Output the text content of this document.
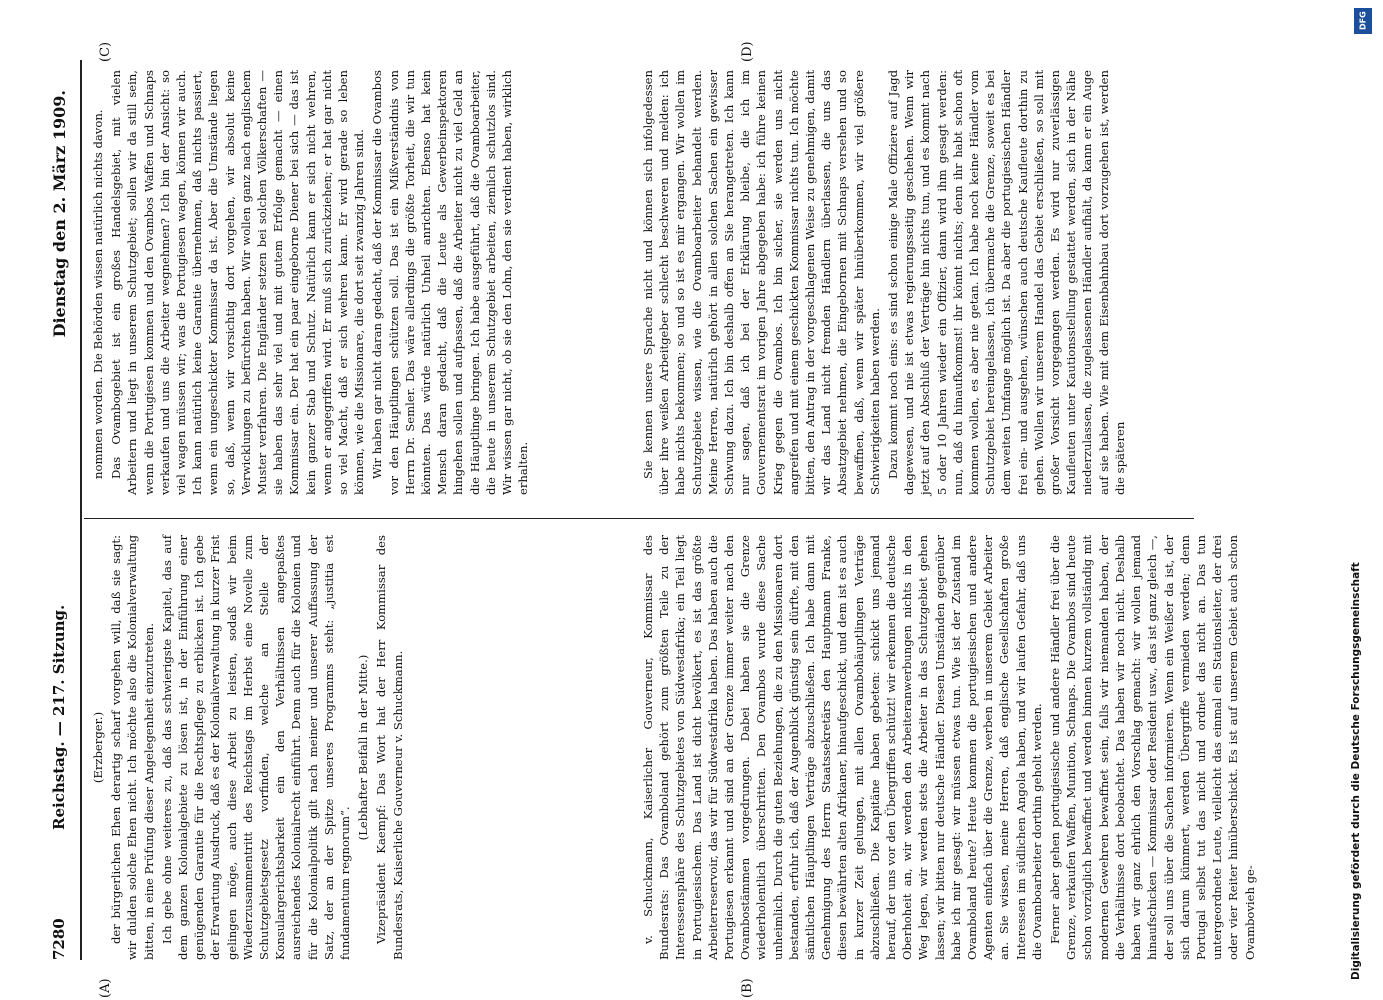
7280
Reichstag. — 217. Sitzung.
Dienstag den 2. März 1909.

(Erzberger.) der bürgerlichen Ehen derartig scharf vorgehen will, daß sie sagt: wir dulden solche Ehen nicht. Ich möchte also die Kolonialverwaltung bitten, in eine Prüfung dieser Angelegenheit einzutreten. Ich gebe ohne weiteres zu, daß das schwierigste Kapitel, das auf dem ganzen Kolonialgebiete zu lösen ist, in der Einführung einer genügenden Garantie für die Rechtspflege zu erblicken ist. Ich gebe der Erwartung Ausdruck, daß es der Kolonialverwaltung in kurzer Frist gelingen möge, auch diese Arbeit zu leisten, sodaß wir beim Wiederzusammentritt des Reichstags im Herbst eine Novelle zum Schutzgebietsgesetz vorfinden, welche an Stelle der Konsulargerichtsbarkeit ein den Verhältnissen angepaßtes ausreichendes Kolonialrecht einführt. Denn auch für die Kolonien und für die Kolonialpolitik gilt nach meiner und unserer Auffassung der Satz, der an der Spitze unseres Programms steht: „justitia est fundamentum regnorum“.

(Lebhafter Beifall in der Mitte.) Vizepräsident Kaempf: Das Wort hat der Herr Kommissar des Bundesrats, Kaiserliche Gouverneur v. Schuckmann.	v. Schuckmann, Kaiserlicher Gouverneur, Kommissar des Bundesrats: Das Ovamboland gehört zum größten Teile zu der Interessensphäre des Schutzgebietes von Südwestafrika; ein Teil liegt in Portugiesischem. Das Land ist dicht bevölkert, es ist das größte Arbeiterreservoir, das wir für Südwestafrika haben. Das haben auch die Portugiesen erkannt und sind an der Grenze immer weiter nach den Ovambostämmen vorgedrungen. Dabei haben sie die Grenze wiederholentlich überschritten. Den Ovambos wurde diese Sache unheimlich. Durch die guten Beziehungen, die zu den Missionaren dort bestanden, erfuhr ich, daß der Augenblick günstig sein dürfte, mit den sämtlichen Häuptlingen Verträge abzuschließen. Ich habe dann mit Genehmigung des Herrn Staatssekretärs den Hauptmann Franke, diesen bewährten alten Afrikaner, hinaufgeschickt, und dem ist es auch in kurzer Zeit gelungen, mit allen Ovambohäuptlingen Verträge abzuschließen. Die Kapitäne haben gebeten: schickt uns jemand herauf, der uns vor den Übergriffen schützt! wir erkennen die deutsche Oberhoheit an, wir werden den Arbeiteranwerbungen nichts in den Weg legen, wir werden stets die Arbeiter in das Schutzgebiet gehen lassen; wir bitten nur deutsche Händler. Diesen Umständen gegenüber habe ich mir gesagt: wir müssen etwas tun. Wie ist der Zustand im Ovamboland heute? Heute kommen die portugiesischen und andere Agenten einfach über die Grenze, werben in unserem Gebiet Arbeiter an. Sie wissen, meine Herren, daß englische Gesellschaften große Interessen im südlichen Angola haben, und wir laufen Gefahr, daß uns die Ovamboarbeiter dorthin geholt werden. Ferner aber gehen portugiesische und andere Händler frei über die Grenze, verkaufen Waffen, Munition, Schnaps. Die Ovambos sind heute schon vorzüglich bewaffnet und werden binnen kurzem vollständig mit modernen Gewehren bewaffnet sein, falls wir niemanden haben, der die Verhältnisse dort beobachtet. Das haben wir noch nicht. Deshalb haben wir ganz ehrlich den Vorschlag gemacht: wir wollen jemand hinaufschicken — Kommissar oder Resident usw., das ist ganz gleich —, der soll uns über die Sachen informieren. Wenn ein Weißer da ist, der sich darum kümmert, werden Übergriffe vermieden werden; denn Portugal selbst tut das nicht und ordnet das nicht an. Das tun untergeordnete Leute, vielleicht das einmal ein Stationsleiter, der drei oder vier Reiter hinüberschickt. Es ist auf unserem Gebiet auch schon Ovambovieh ge-

nommen worden. Die Behörden wissen natürlich nichts davon. Das Ovambogebiet ist ein großes Handelsgebiet, mit vielen Arbeitern und liegt in unserem Schutzgebiet; sollen wir da still sein, wenn die Portugiesen kommen und den Ovambos Waffen und Schnaps verkaufen und uns die Arbeiter wegnehmen? Ich bin der Ansicht: so viel wagen müssen wir; was die Portugiesen wagen, können wir auch. Ich kann natürlich keine Garantie übernehmen, daß nichts passiert, wenn ein ungeschickter Kommissar da ist. Aber die Umstände liegen so, daß, wenn wir vorsichtig dort vorgehen, wir absolut keine Verwicklungen zu befürchten haben. Wir wollen ganz nach englischem Muster verfahren. Die Engländer setzen bei solchen Völkerschaften — sie haben das sehr viel und mit gutem Erfolge gemacht — einen Kommissar ein. Der hat ein paar eingeborne Diener bei sich — das ist kein ganzer Stab und Schutz. Natürlich kann er sich nicht wehren, wenn er angegriffen wird. Er muß sich zurückziehen; er hat gar nicht so viel Macht, daß er sich wehren kann. Er wird gerade so leben können, wie die Missionare, die dort seit zwanzig Jahren sind. Wir haben gar nicht daran gedacht, daß der Kommissar die Ovambos vor den Häuptlingen schützen soll. Das ist ein Mißverständnis von Herrn Dr. Semler. Das wäre allerdings die größte Torheit, die wir tun könnten. Das würde natürlich Unheil anrichten. Ebenso hat kein Mensch daran gedacht, daß die Leute als Gewerbeinspektoren hingehen sollen und aufpassen, daß die Arbeiter nicht zu viel Geld an die Häuptlinge bringen. Ich habe ausgeführt, daß die Ovamboarbeiter, die heute in unserem Schutzgebiet arbeiten, ziemlich schutzlos sind. Wir wissen gar nicht, ob sie den Lohn, den sie verdient haben, wirklich erhalten.	Sie kennen unsere Sprache nicht und können sich infolgedessen über ihre weißen Arbeitgeber schlecht beschweren und melden: ich habe nichts bekommen; so und so ist es mir ergangen. Wir wollen im Schutzgebiete wissen, wie die Ovamboarbeiter behandelt werden. Meine Herren, natürlich gehört in allen solchen Sachen ein gewisser Schwung dazu. Ich bin deshalb offen an Sie herangetreten. Ich kann nur sagen, daß ich bei der Erklärung bleibe, die ich im Gouvernementsrat im vorigen Jahre abgegeben habe: ich führe keinen Krieg gegen die Ovambos. Ich bin sicher, sie werden uns nicht angreifen und mit einem geschickten Kommissar nichts tun. Ich möchte bitten, den Antrag in der vorgeschlagenen Weise zu genehmigen, damit wir das Land nicht fremden Händlern überlassen, die uns das Absatzgebiet nehmen, die Eingebornen mit Schnaps versehen und so bewaffnen, daß, wenn wir später hinüberkommen, wir viel größere Schwierigkeiten haben werden. Dazu kommt noch eins: es sind schon einige Male Offiziere auf Jagd dagewesen, und nie ist etwas regierungsseitig geschehen. Wenn wir jetzt auf den Abschluß der Verträge hin nichts tun, und es kommt nach 5 oder 10 Jahren wieder ein Offizier, dann wird ihm gesagt werden: nun, daß du hinaufkommst! ihr könnt nichts; denn ihr habt schon oft kommen wollen, es aber nie getan. Ich habe noch keine Händler vom Schutzgebiet hereingelassen, ich übermache die Grenze, soweit es bei dem weiten Umfange möglich ist. Da aber die portugiesischen Händler frei ein- und ausgehen, wünschen auch deutsche Kaufleute dorthin zu gehen. Wollen wir unserem Handel das Gebiet erschließen, so soll mit großer Vorsicht vorgegangen werden. Es wird nur zuverlässigen Kaufleuten unter Kautionsstellung gestattet werden, sich in der Nähe niederzulassen, die zugelassenen Händler aufhält, da kann er ein Auge auf sie haben. Wie mit dem Eisenbahnbau dort vorzugehen ist, werden die späteren

(A)	(B)
(C)	(D)
Digitalisierung gefördert durch die Deutsche Forschungsgemeinschaft
DFG
